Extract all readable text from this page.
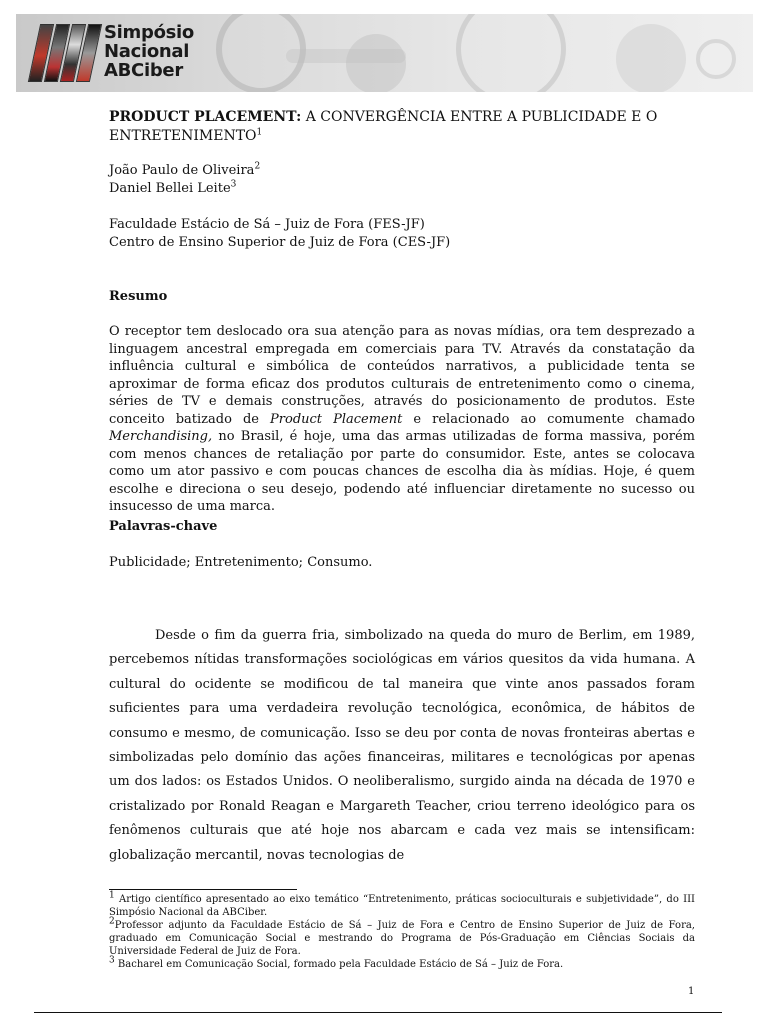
Simpósio
Nacional
ABCiber
PRODUCT PLACEMENT: A CONVERGÊNCIA ENTRE A PUBLICIDADE E O ENTRETENIMENTO$^1$
João Paulo de Oliveira$^2$
Daniel Bellei Leite$^3$
Faculdade Estácio de Sá – Juiz de Fora (FES-JF)
Centro de Ensino Superior de Juiz de Fora (CES-JF)
Resumo
O receptor tem deslocado ora sua atenção para as novas mídias, ora tem desprezado a linguagem ancestral empregada em comerciais para TV. Através da constatação da influência cultural e simbólica de conteúdos narrativos, a publicidade tenta se aproximar de forma eficaz dos produtos culturais de entretenimento como o cinema, séries de TV e demais construções, através do posicionamento de produtos. Este conceito batizado de Product Placement e relacionado ao comumente chamado Merchandising, no Brasil, é hoje, uma das armas utilizadas de forma massiva, porém com menos chances de retaliação por parte do consumidor. Este, antes se colocava como um ator passivo e com poucas chances de escolha dia às mídias. Hoje, é quem escolhe e direciona o seu desejo, podendo até influenciar diretamente no sucesso ou insucesso de uma marca.
Palavras-chave
Publicidade; Entretenimento; Consumo.
Desde o fim da guerra fria, simbolizado na queda do muro de Berlim, em 1989, percebemos nítidas transformações sociológicas em vários quesitos da vida humana. A cultural do ocidente se modificou de tal maneira que vinte anos passados foram suficientes para uma verdadeira revolução tecnológica, econômica, de hábitos de consumo e mesmo, de comunicação. Isso se deu por conta de novas fronteiras abertas e simbolizadas pelo domínio das ações financeiras, militares e tecnológicas por apenas um dos lados: os Estados Unidos. O neoliberalismo, surgido ainda na década de 1970 e cristalizado por Ronald Reagan e Margareth Teacher, criou terreno ideológico para os fenômenos culturais que até hoje nos abarcam e cada vez mais se intensificam: globalização mercantil, novas tecnologias de

$^1$ Artigo científico apresentado ao eixo temático “Entretenimento, práticas socioculturais e subjetividade”, do III Simpósio Nacional da ABCiber.

$^2$Professor adjunto da Faculdade Estácio de Sá – Juiz de Fora e Centro de Ensino Superior de Juiz de Fora, graduado em Comunicação Social e mestrando do Programa de Pós-Graduação em Ciências Sociais da Universidade Federal de Juiz de Fora.

$^3$ Bacharel em Comunicação Social, formado pela Faculdade Estácio de Sá – Juiz de Fora.

1
